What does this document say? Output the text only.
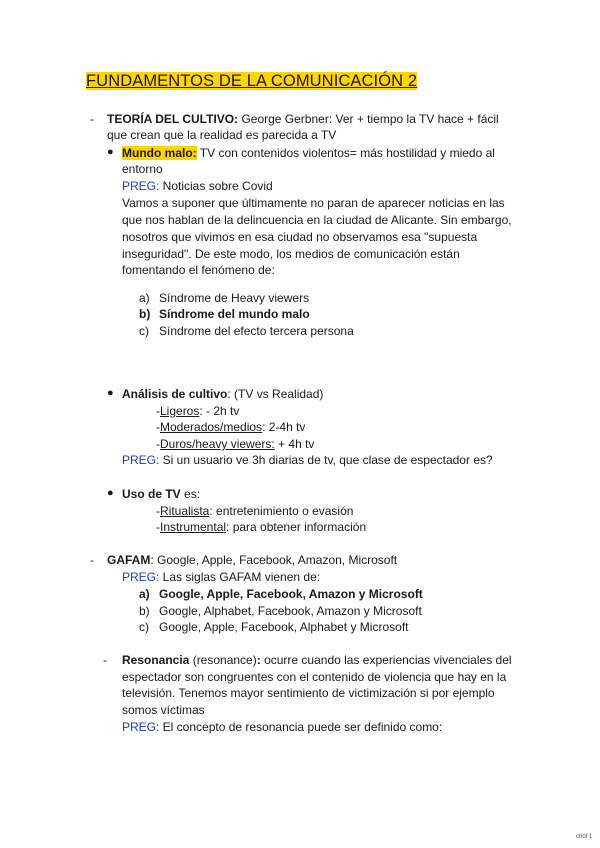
FUNDAMENTOS DE LA COMUNICACIÓN 2
- TEORÍA DEL CULTIVO: George Gerbner: Ver + tiempo la TV hace + fácil
que crean que la realidad es parecida a TV
● Mundo malo: TV con contenidos violentos= más hostilidad y miedo al
entorno
PREG: Noticias sobre Covid
Vamos a suponer que últimamente no paran de aparecer noticias en las
que nos hablan de la delincuencia en la ciudad de Alicante. Sin embargo,
nosotros que vivimos en esa ciudad no observamos esa "supuesta
inseguridad". De este modo, los medios de comunicación están
fomentando el fenómeno de:
a) Síndrome de Heavy viewers
b) Síndrome del mundo malo
c) Síndrome del efecto tercera persona
● Análisis de cultivo: (TV vs Realidad)
-Ligeros: - 2h tv
-Moderados/medios: 2-4h tv
-Duros/heavy viewers: + 4h tv
PREG: Si un usuario ve 3h diarias de tv, que clase de espectador es?
● Uso de TV es:
-Ritualista: entretenimiento o evasión
-Instrumental: para obtener información
- GAFAM: Google, Apple, Facebook, Amazon, Microsoft
PREG: Las siglas GAFAM vienen de:
a) Google, Apple, Facebook, Amazon y Microsoft
b) Google, Alphabet, Facebook, Amazon y Microsoft
c) Google, Apple, Facebook, Alphabet y Microsoft
- Resonancia (resonance): ocurre cuando las experiencias vivenciales del
espectador son congruentes con el contenido de violencia que hay en la
televisión. Tenemos mayor sentimiento de victimización si por ejemplo
somos víctimas
PREG: El concepto de resonancia puede ser definido como:
chof 1
